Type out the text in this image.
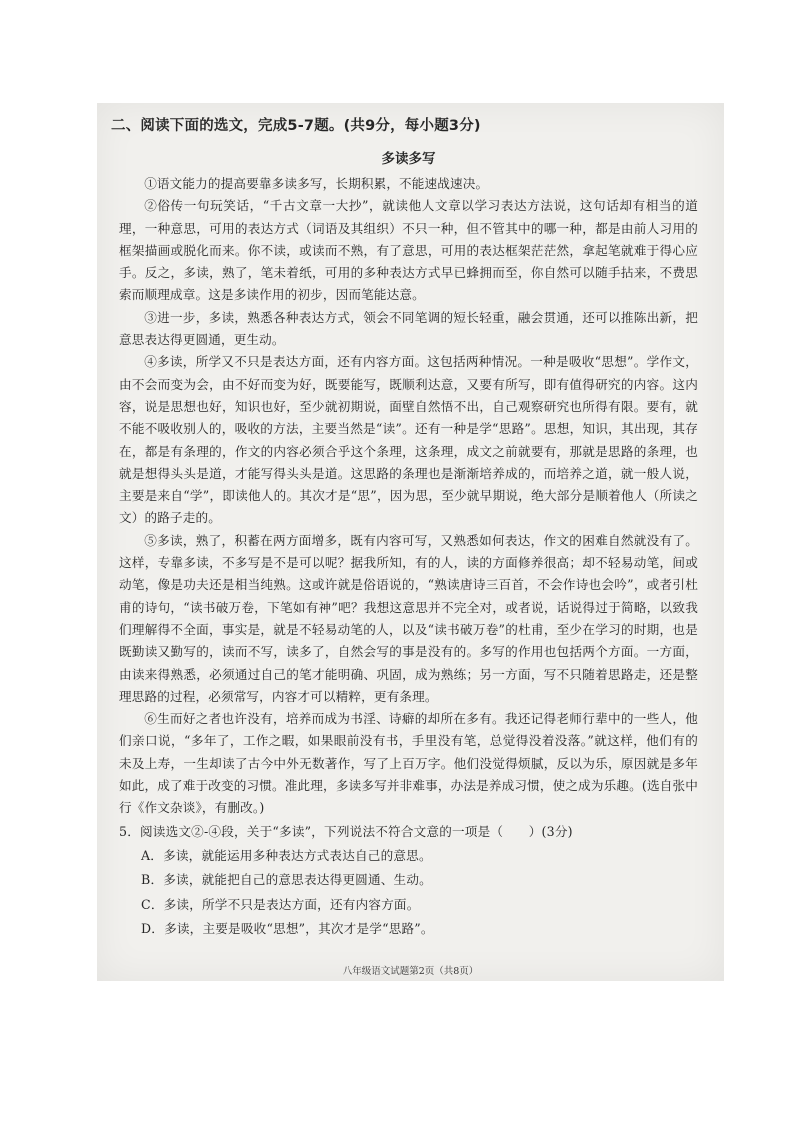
二、阅读下面的选文，完成5-7题。(共9分，每小题3分)
多读多写

①语文能力的提高要靠多读多写，长期积累，不能速战速决。

②俗传一句玩笑话，“千古文章一大抄”，就读他人文章以学习表达方法说，这句话却有相当的道理，一种意思，可用的表达方式（词语及其组织）不只一种，但不管其中的哪一种，都是由前人习用的框架描画或脱化而来。你不读，或读而不熟，有了意思，可用的表达框架茫茫然，拿起笔就难于得心应手。反之，多读，熟了，笔未着纸，可用的多种表达方式早已蜂拥而至，你自然可以随手拈来，不费思索而顺理成章。这是多读作用的初步，因而笔能达意。

③进一步，多读，熟悉各种表达方式，领会不同笔调的短长轻重，融会贯通，还可以推陈出新，把意思表达得更圆通，更生动。

④多读，所学又不只是表达方面，还有内容方面。这包括两种情况。一种是吸收“思想”。学作文，由不会而变为会，由不好而变为好，既要能写，既顺利达意，又要有所写，即有值得研究的内容。这内容，说是思想也好，知识也好，至少就初期说，面壁自然悟不出，自己观察研究也所得有限。要有，就不能不吸收别人的，吸收的方法，主要当然是“读”。还有一种是学“思路”。思想，知识，其出现，其存在，都是有条理的，作文的内容必须合乎这个条理，这条理，成文之前就要有，那就是思路的条理，也就是想得头头是道，才能写得头头是道。这思路的条理也是渐渐培养成的，而培养之道，就一般人说，主要是来自“学”，即读他人的。其次才是“思”，因为思，至少就早期说，绝大部分是顺着他人（所读之文）的路子走的。

⑤多读，熟了，积蓄在两方面增多，既有内容可写，又熟悉如何表达，作文的困难自然就没有了。这样，专靠多读，不多写是不是可以呢？据我所知，有的人，读的方面修养很高；却不轻易动笔，间或动笔，像是功夫还是相当纯熟。这或许就是俗语说的，“熟读唐诗三百首，不会作诗也会吟”，或者引杜甫的诗句，“读书破万卷，下笔如有神”吧？我想这意思并不完全对，或者说，话说得过于简略，以致我们理解得不全面，事实是，就是不轻易动笔的人，以及“读书破万卷”的杜甫，至少在学习的时期，也是既勤读又勤写的，读而不写，读多了，自然会写的事是没有的。多写的作用也包括两个方面。一方面，由读来得熟悉，必须通过自己的笔才能明确、巩固，成为熟练；另一方面，写不只随着思路走，还是整理思路的过程，必须常写，内容才可以精粹，更有条理。

⑥生而好之者也许没有，培养而成为书淫、诗癖的却所在多有。我还记得老师行辈中的一些人，他们亲口说，“多年了，工作之暇，如果眼前没有书，手里没有笔，总觉得没着没落。”就这样，他们有的未及上寿，一生却读了古今中外无数著作，写了上百万字。他们没觉得烦腻，反以为乐，原因就是多年如此，成了难于改变的习惯。准此理，多读多写并非难事，办法是养成习惯，使之成为乐趣。(选自张中行《作文杂谈》，有删改。)

5．阅读选文②-④段，关于“多读”，下列说法不符合文意的一项是（　　）(3分)

A．多读，就能运用多种表达方式表达自己的意思。
B．多读，就能把自己的意思表达得更圆通、生动。
C．多读，所学不只是表达方面，还有内容方面。
D．多读，主要是吸收“思想”，其次才是学“思路”。
八年级语文试题第2页（共8页）
